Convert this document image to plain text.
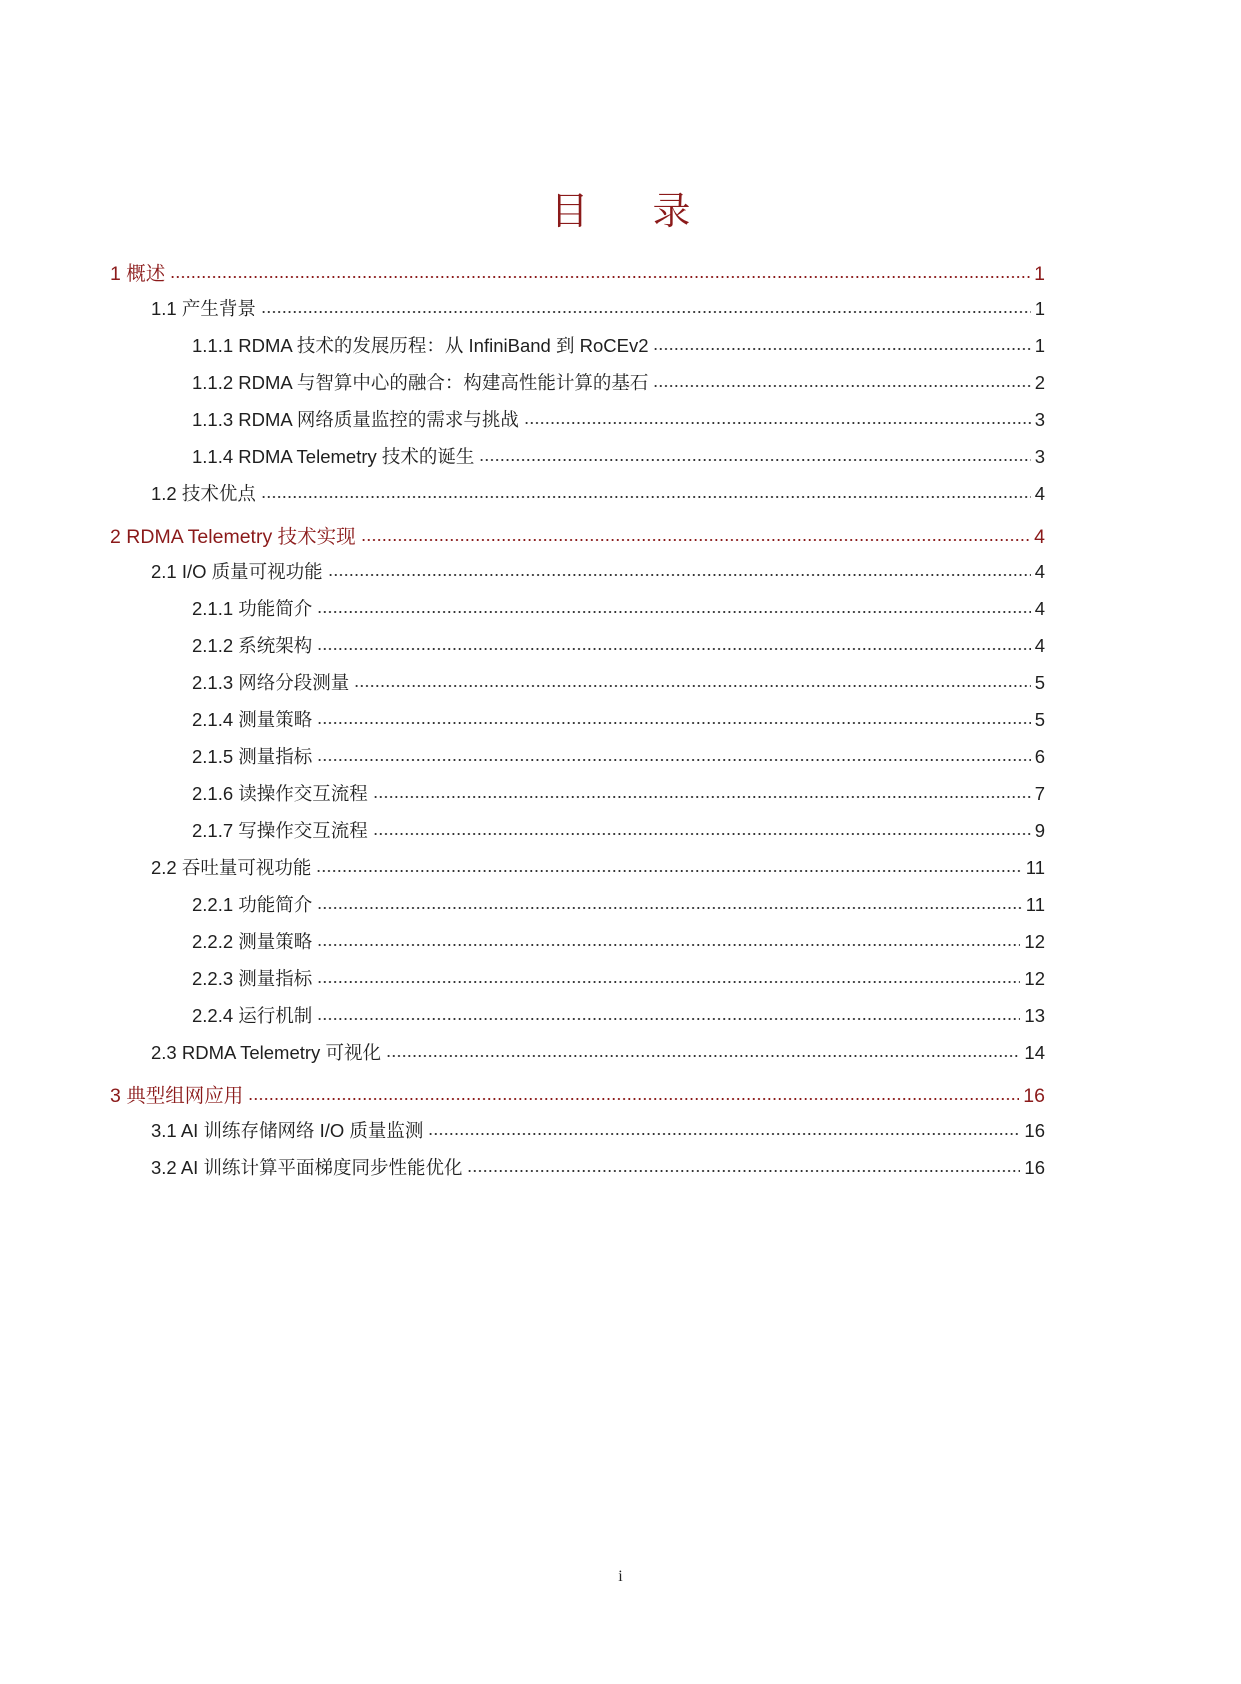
目 录
1 概述	1
1.1 产生背景	1
1.1.1 RDMA 技术的发展历程：从 InfiniBand 到 RoCEv2	1
1.1.2 RDMA 与智算中心的融合：构建高性能计算的基石	2
1.1.3 RDMA 网络质量监控的需求与挑战	3
1.1.4 RDMA Telemetry 技术的诞生	3
1.2 技术优点	4
2 RDMA Telemetry 技术实现	4
2.1 I/O 质量可视功能	4
2.1.1 功能简介	4
2.1.2 系统架构	4
2.1.3 网络分段测量	5
2.1.4 测量策略	5
2.1.5 测量指标	6
2.1.6 读操作交互流程	7
2.1.7 写操作交互流程	9
2.2 吞吐量可视功能	11
2.2.1 功能简介	11
2.2.2 测量策略	12
2.2.3 测量指标	12
2.2.4 运行机制	13
2.3 RDMA Telemetry 可视化	14
3 典型组网应用	16
3.1 AI 训练存储网络 I/O 质量监测	16
3.2 AI 训练计算平面梯度同步性能优化	16
i
